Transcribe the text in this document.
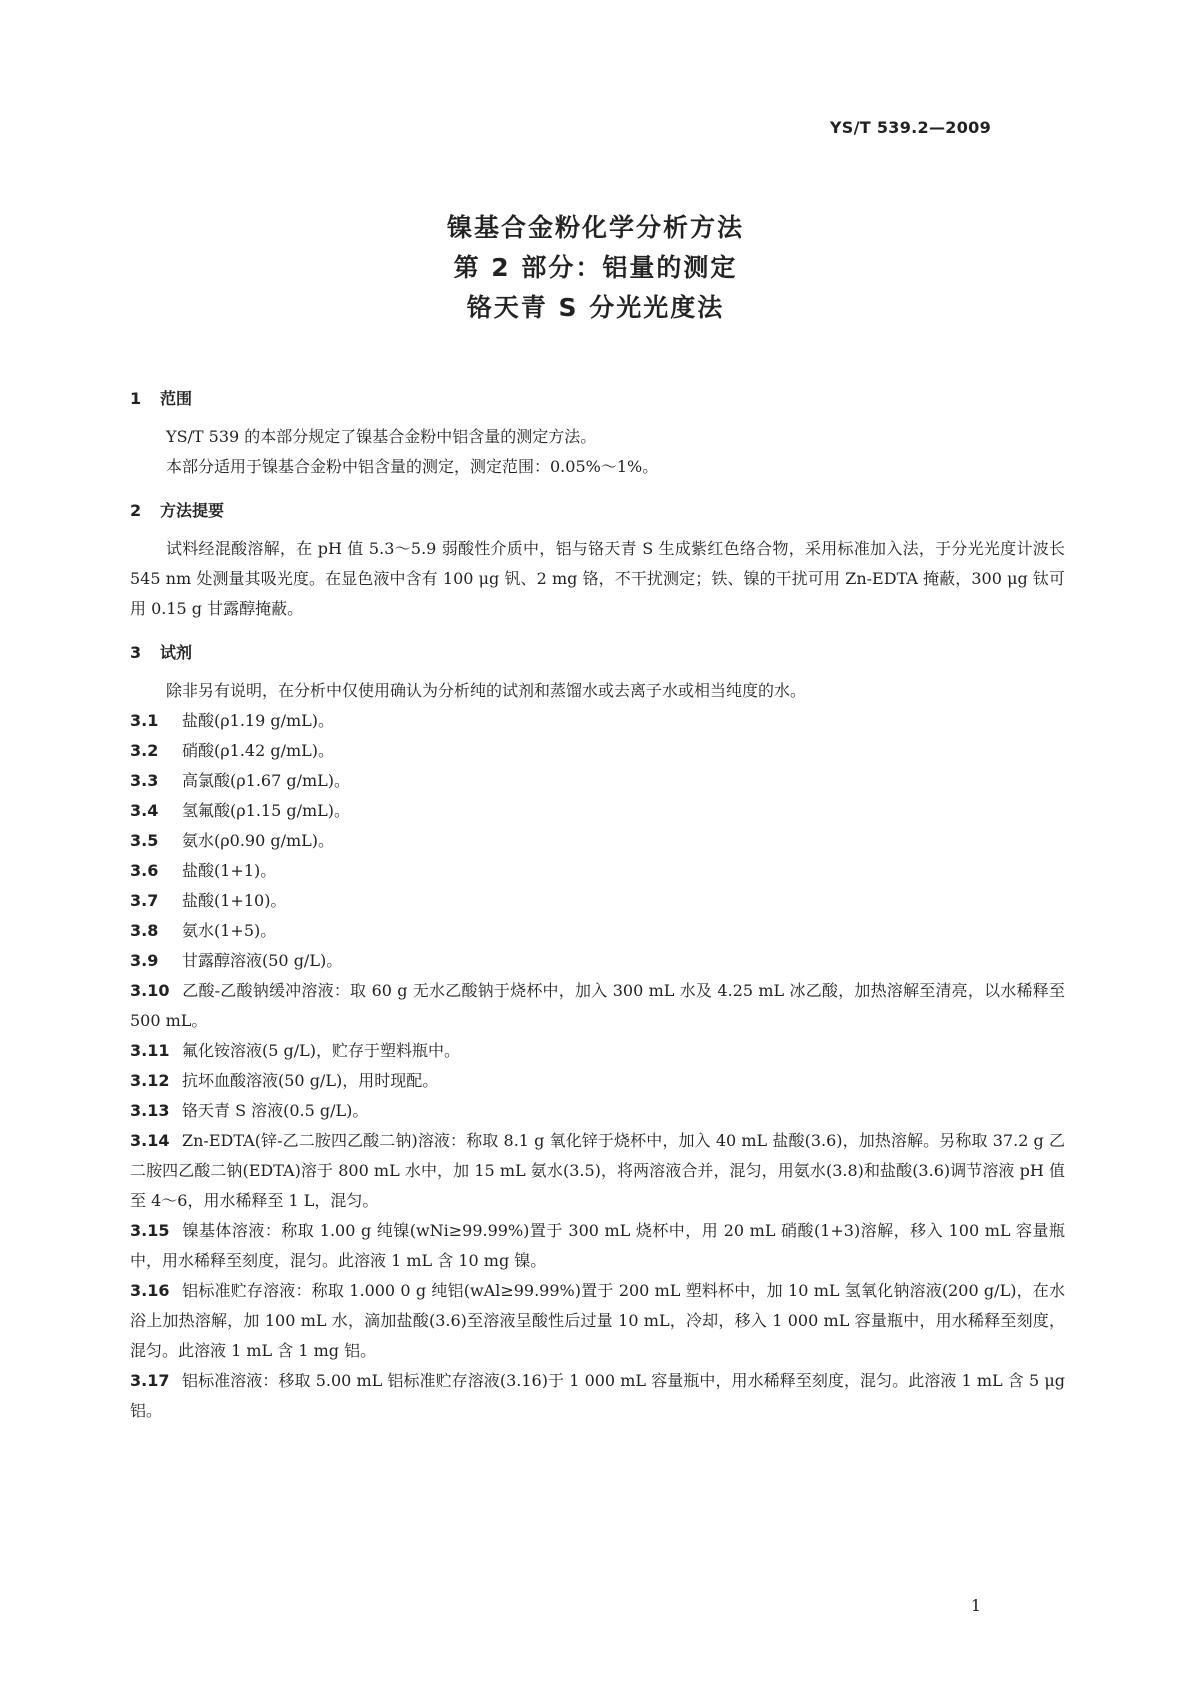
YS/T 539.2—2009
镍基合金粉化学分析方法
第 2 部分：铝量的测定
铬天青 S 分光光度法
1 范围
YS/T 539 的本部分规定了镍基合金粉中铝含量的测定方法。
本部分适用于镍基合金粉中铝含量的测定，测定范围：0.05%～1%。
2 方法提要
试料经混酸溶解，在 pH 值 5.3～5.9 弱酸性介质中，铝与铬天青 S 生成紫红色络合物，采用标准加入法，于分光光度计波长 545 nm 处测量其吸光度。在显色液中含有 100 μg 钒、2 mg 铬，不干扰测定；铁、镍的干扰可用 Zn-EDTA 掩蔽，300 μg 钛可用 0.15 g 甘露醇掩蔽。
3 试剂
除非另有说明，在分析中仅使用确认为分析纯的试剂和蒸馏水或去离子水或相当纯度的水。
3.1 盐酸(ρ1.19 g/mL)。
3.2 硝酸(ρ1.42 g/mL)。
3.3 高氯酸(ρ1.67 g/mL)。
3.4 氢氟酸(ρ1.15 g/mL)。
3.5 氨水(ρ0.90 g/mL)。
3.6 盐酸(1+1)。
3.7 盐酸(1+10)。
3.8 氨水(1+5)。
3.9 甘露醇溶液(50 g/L)。
3.10 乙酸-乙酸钠缓冲溶液：取 60 g 无水乙酸钠于烧杯中，加入 300 mL 水及 4.25 mL 冰乙酸，加热溶解至清亮，以水稀释至 500 mL。
3.11 氟化铵溶液(5 g/L)，贮存于塑料瓶中。
3.12 抗坏血酸溶液(50 g/L)，用时现配。
3.13 铬天青 S 溶液(0.5 g/L)。
3.14 Zn-EDTA(锌-乙二胺四乙酸二钠)溶液：称取 8.1 g 氧化锌于烧杯中，加入 40 mL 盐酸(3.6)，加热溶解。另称取 37.2 g 乙二胺四乙酸二钠(EDTA)溶于 800 mL 水中，加 15 mL 氨水(3.5)，将两溶液合并，混匀，用氨水(3.8)和盐酸(3.6)调节溶液 pH 值至 4～6，用水稀释至 1 L，混匀。
3.15 镍基体溶液：称取 1.00 g 纯镍(wNi≥99.99%)置于 300 mL 烧杯中，用 20 mL 硝酸(1+3)溶解，移入 100 mL 容量瓶中，用水稀释至刻度，混匀。此溶液 1 mL 含 10 mg 镍。
3.16 铝标准贮存溶液：称取 1.000 0 g 纯铝(wAl≥99.99%)置于 200 mL 塑料杯中，加 10 mL 氢氧化钠溶液(200 g/L)，在水浴上加热溶解，加 100 mL 水，滴加盐酸(3.6)至溶液呈酸性后过量 10 mL，冷却，移入 1 000 mL 容量瓶中，用水稀释至刻度，混匀。此溶液 1 mL 含 1 mg 铝。
3.17 铝标准溶液：移取 5.00 mL 铝标准贮存溶液(3.16)于 1 000 mL 容量瓶中，用水稀释至刻度，混匀。此溶液 1 mL 含 5 μg 铝。
1
